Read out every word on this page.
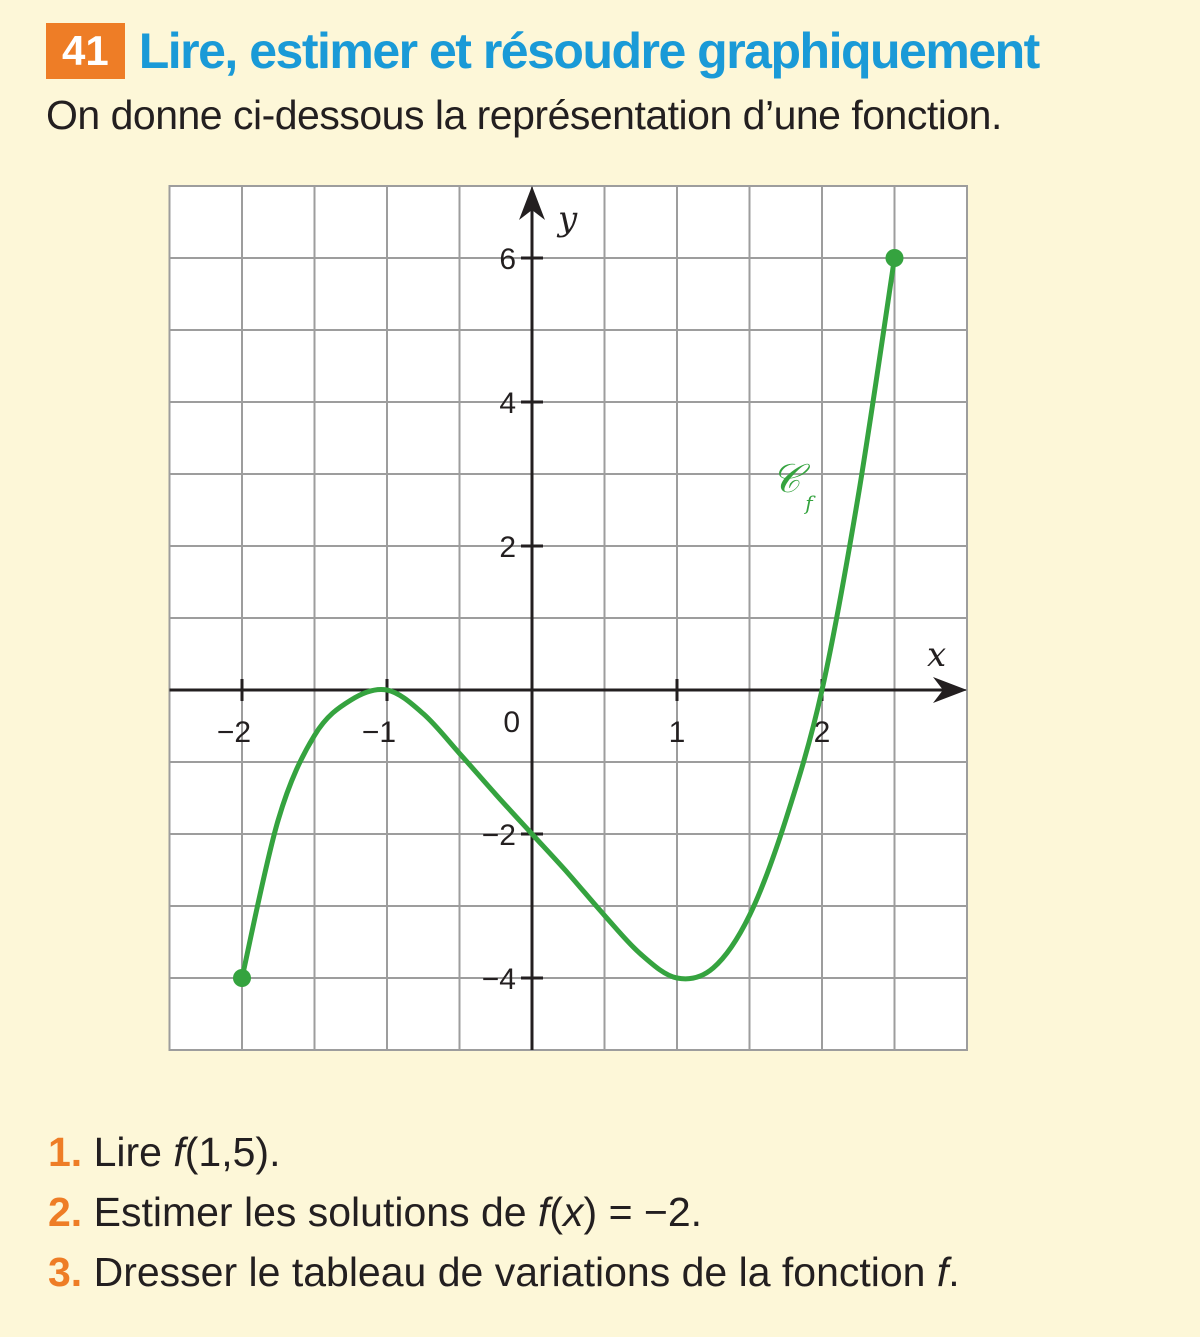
41 Lire, estimer et résoudre graphiquement
On donne ci-dessous la représentation d’une fonction.
x
y
−2	−1	1	2
6
4
2
−2
−4
0
𝒞
f
1. Lire f(1,5).
2. Estimer les solutions de f(x) = −2.
3. Dresser le tableau de variations de la fonction f.
